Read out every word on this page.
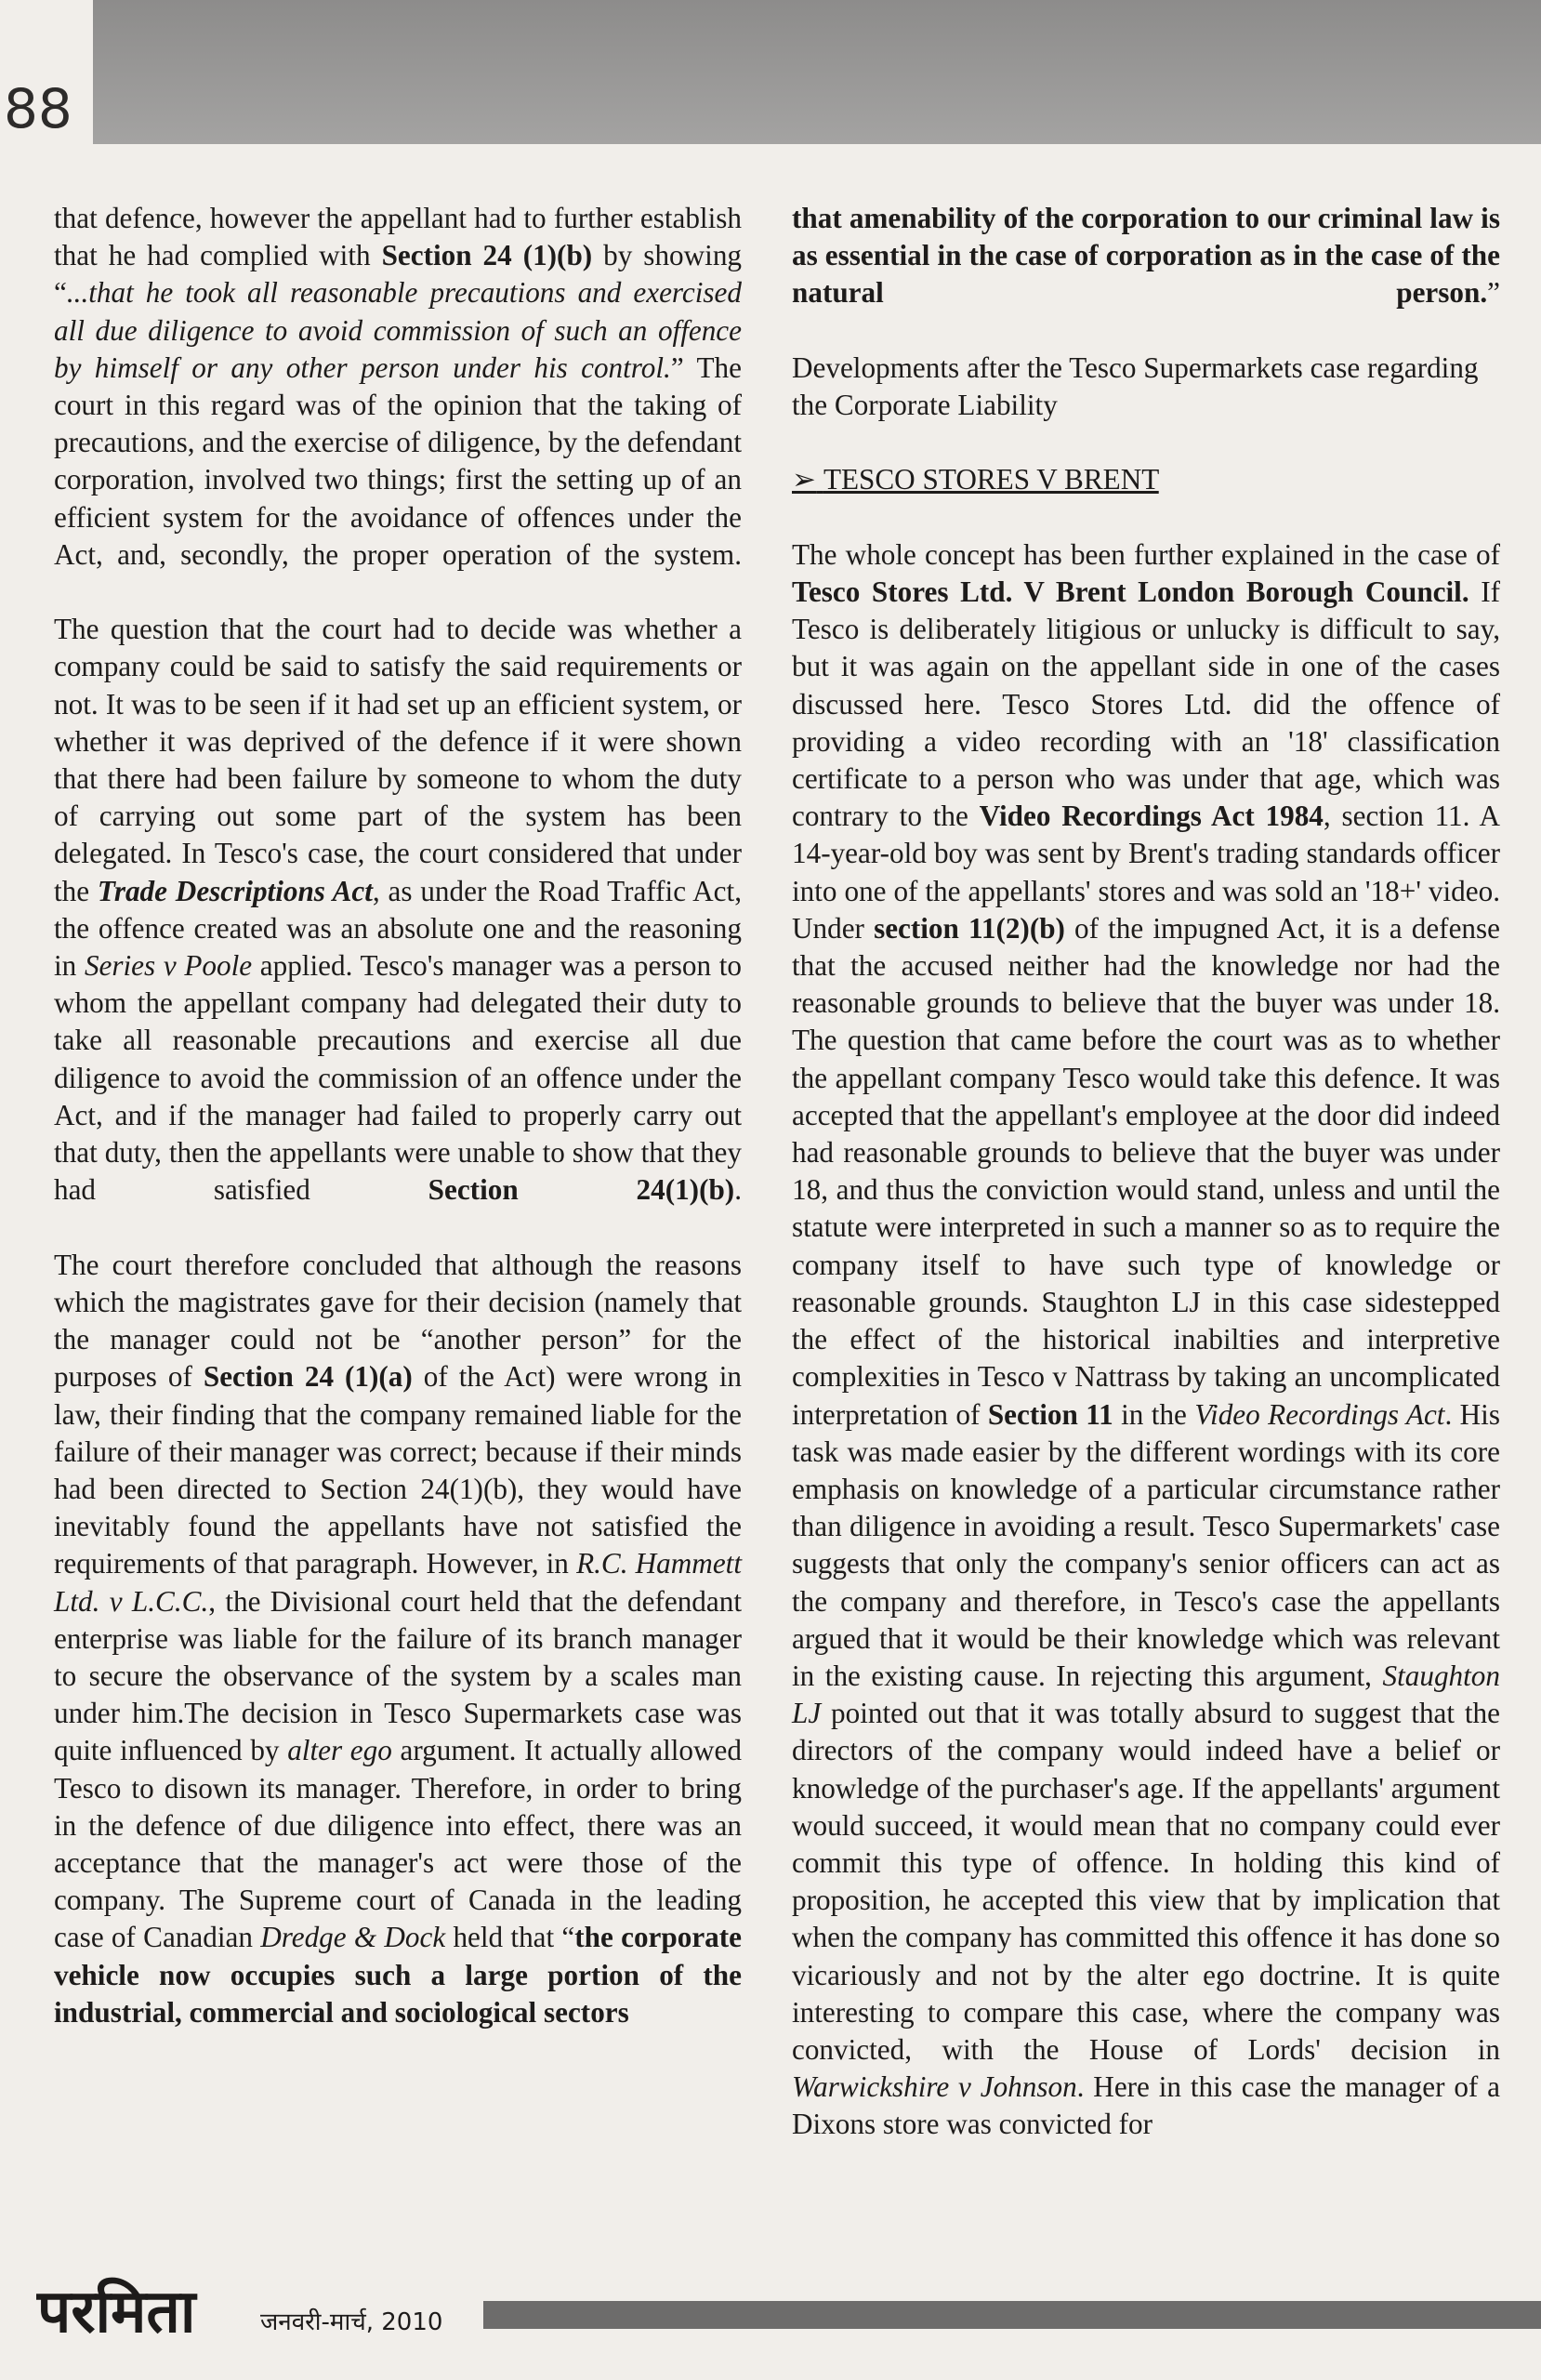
88

that defence, however the appellant had to further establish that he had complied with Section 24 (1)(b) by showing “...that he took all reasonable precautions and exercised all due diligence to avoid commission of such an offence by himself or any other person under his control.” The court in this regard was of the opinion that the taking of precautions, and the exercise of diligence, by the defendant corporation, involved two things; first the setting up of an efficient system for the avoidance of offences under the Act, and, secondly, the proper operation of the system.

The question that the court had to decide was whether a company could be said to satisfy the said requirements or not. It was to be seen if it had set up an efficient system, or whether it was deprived of the defence if it were shown that there had been failure by someone to whom the duty of carrying out some part of the system has been delegated. In Tesco's case, the court considered that under the Trade Descriptions Act, as under the Road Traffic Act, the offence created was an absolute one and the reasoning in Series v Poole applied. Tesco's manager was a person to whom the appellant company had delegated their duty to take all reasonable precautions and exercise all due diligence to avoid the commission of an offence under the Act, and if the manager had failed to properly carry out that duty, then the appellants were unable to show that they had satisfied Section 24(1)(b).

The court therefore concluded that although the reasons which the magistrates gave for their decision (namely that the manager could not be “another person” for the purposes of Section 24 (1)(a) of the Act) were wrong in law, their finding that the company remained liable for the failure of their manager was correct; because if their minds had been directed to Section 24(1)(b), they would have inevitably found the appellants have not satisfied the requirements of that paragraph. However, in R.C. Hammett Ltd. v L.C.C., the Divisional court held that the defendant enterprise was liable for the failure of its branch manager to secure the observance of the system by a scales man under him.The decision in Tesco Supermarkets case was quite influenced by alter ego argument. It actually allowed Tesco to disown its manager. Therefore, in order to bring in the defence of due diligence into effect, there was an acceptance that the manager's act were those of the company. The Supreme court of Canada in the leading case of Canadian Dredge & Dock held that “the corporate vehicle now occupies such a large portion of the industrial, commercial and sociological sectors

that amenability of the corporation to our criminal law is as essential in the case of corporation as in the case of the natural person.”

Developments after the Tesco Supermarkets case regarding the Corporate Liability

➢ TESCO STORES V BRENT

The whole concept has been further explained in the case of Tesco Stores Ltd. V Brent London Borough Council. If Tesco is deliberately litigious or unlucky is difficult to say, but it was again on the appellant side in one of the cases discussed here. Tesco Stores Ltd. did the offence of providing a video recording with an '18' classification certificate to a person who was under that age, which was contrary to the Video Recordings Act 1984, section 11. A 14-year-old boy was sent by Brent's trading standards officer into one of the appellants' stores and was sold an '18+' video. Under section 11(2)(b) of the impugned Act, it is a defense that the accused neither had the knowledge nor had the reasonable grounds to believe that the buyer was under 18. The question that came before the court was as to whether the appellant company Tesco would take this defence. It was accepted that the appellant's employee at the door did indeed had reasonable grounds to believe that the buyer was under 18, and thus the conviction would stand, unless and until the statute were interpreted in such a manner so as to require the company itself to have such type of knowledge or reasonable grounds. Staughton LJ in this case sidestepped the effect of the historical inabilties and interpretive complexities in Tesco v Nattrass by taking an uncomplicated interpretation of Section 11 in the Video Recordings Act. His task was made easier by the different wordings with its core emphasis on knowledge of a particular circumstance rather than diligence in avoiding a result. Tesco Supermarkets' case suggests that only the company's senior officers can act as the company and therefore, in Tesco's case the appellants argued that it would be their knowledge which was relevant in the existing cause. In rejecting this argument, Staughton LJ pointed out that it was totally absurd to suggest that the directors of the company would indeed have a belief or knowledge of the purchaser's age. If the appellants' argument would succeed, it would mean that no company could ever commit this type of offence. In holding this kind of proposition, he accepted this view that by implication that when the company has committed this offence it has done so vicariously and not by the alter ego doctrine. It is quite interesting to compare this case, where the company was convicted, with the House of Lords' decision in Warwickshire v Johnson. Here in this case the manager of a Dixons store was convicted for

परमिता	जनवरी-मार्च, 2010
